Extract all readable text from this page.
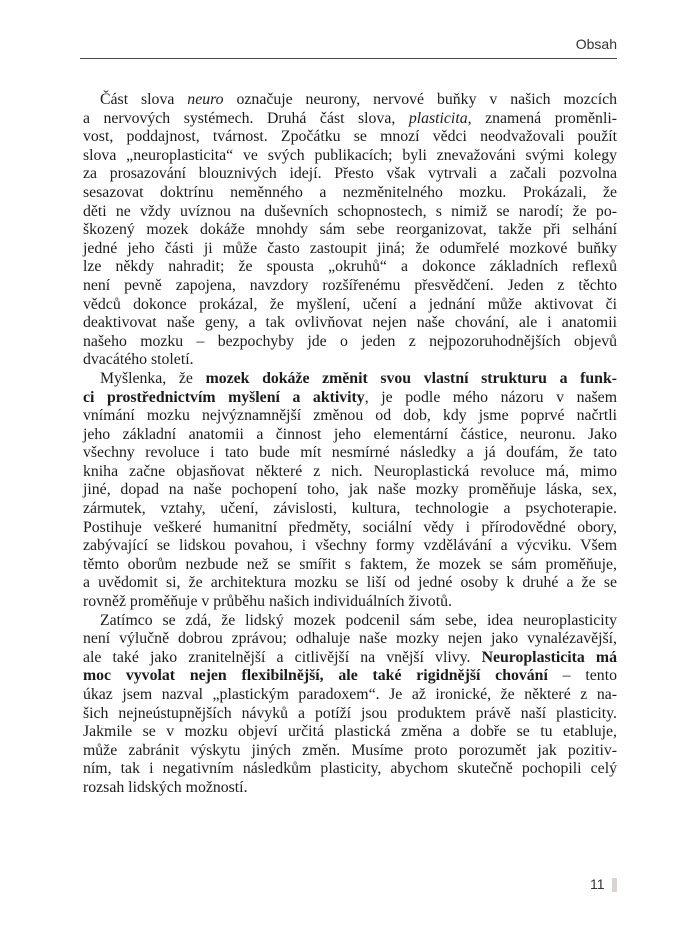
Obsah
Část slova neuro označuje neurony, nervové buňky v našich mozcích
a nervových systémech. Druhá část slova, plasticita, znamená proměnli-
vost, poddajnost, tvárnost. Zpočátku se mnozí vědci neodvažovali použít
slova „neuroplasticita“ ve svých publikacích; byli znevažováni svými kolegy
za prosazování blouznivých idejí. Přesto však vytrvali a začali pozvolna
sesazovat doktrínu neměnného a nezměnitelného mozku. Prokázali, že
děti ne vždy uvíznou na duševních schopnostech, s nimiž se narodí; že po-
škozený mozek dokáže mnohdy sám sebe reorganizovat, takže při selhání
jedné jeho části ji může často zastoupit jiná; že odumřelé mozkové buňky
lze někdy nahradit; že spousta „okruhů“ a dokonce základních reflexů
není pevně zapojena, navzdory rozšířenému přesvědčení. Jeden z těchto
vědců dokonce prokázal, že myšlení, učení a jednání může aktivovat či
deaktivovat naše geny, a tak ovlivňovat nejen naše chování, ale i anatomii
našeho mozku – bezpochyby jde o jeden z nejpozoruhodnějších objevů
dvacátého století.
Myšlenka, že mozek dokáže změnit svou vlastní strukturu a funk-
ci prostřednictvím myšlení a aktivity, je podle mého názoru v našem
vnímání mozku nejvýznamnější změnou od dob, kdy jsme poprvé načrtli
jeho základní anatomii a činnost jeho elementární částice, neuronu. Jako
všechny revoluce i tato bude mít nesmírné následky a já doufám, že tato
kniha začne objasňovat některé z nich. Neuroplastická revoluce má, mimo
jiné, dopad na naše pochopení toho, jak naše mozky proměňuje láska, sex,
zármutek, vztahy, učení, závislosti, kultura, technologie a psychoterapie.
Postihuje veškeré humanitní předměty, sociální vědy i přírodovědné obory,
zabývající se lidskou povahou, i všechny formy vzdělávání a výcviku. Všem
těmto oborům nezbude než se smířit s faktem, že mozek se sám proměňuje,
a uvědomit si, že architektura mozku se liší od jedné osoby k druhé a že se
rovněž proměňuje v průběhu našich individuálních životů.
Zatímco se zdá, že lidský mozek podcenil sám sebe, idea neuroplasticity
není výlučně dobrou zprávou; odhaluje naše mozky nejen jako vynalézavější,
ale také jako zranitelnější a citlivější na vnější vlivy. Neuroplasticita má
moc vyvolat nejen flexibilnější, ale také rigidnější chování – tento
úkaz jsem nazval „plastickým paradoxem“. Je až ironické, že některé z na-
šich nejneústupnějších návyků a potíží jsou produktem právě naší plasticity.
Jakmile se v mozku objeví určitá plastická změna a dobře se tu etabluje,
může zabránit výskytu jiných změn. Musíme proto porozumět jak pozitiv-
ním, tak i negativním následkům plasticity, abychom skutečně pochopili celý
rozsah lidských možností.
11
